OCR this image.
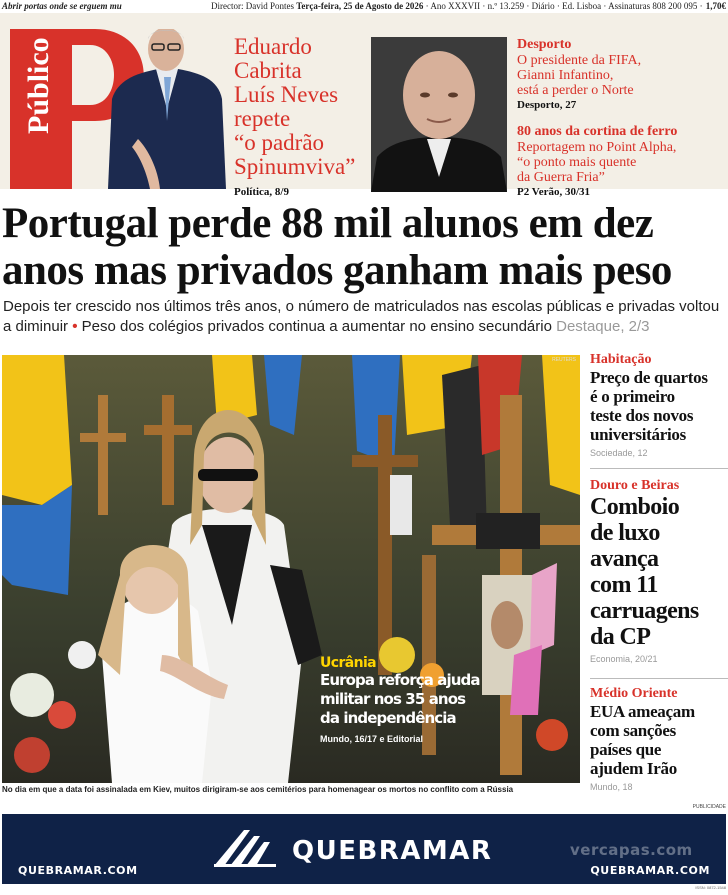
Abrir portas onde se erguem mu	Director: David Pontes Terça-feira, 25 de Agosto de 2026 · Ano XXXVII · n.º 13.259 · Diário · Ed. Lisboa · Assinaturas 808 200 095 · 1,70€
Público	Eduardo
Cabrita
Luís Neves
repete
“o padrão
Spinumviva”
Política, 8/9
Desporto
O presidente da FIFA,
Gianni Infantino,
está a perder o Norte
Desporto, 27
80 anos da cortina de ferro
Reportagem no Point Alpha,
“o ponto mais quente
da Guerra Fria”
P2 Verão, 30/31
Portugal perde 88 mil alunos em dez
anos mas privados ganham mais peso
Depois ter crescido nos últimos três anos, o número de matriculados nas escolas públicas e privadas voltou a diminuir • Peso dos colégios privados continua a aumentar no ensino secundário Destaque, 2/3
REUTERS
Ucrânia
Europa reforça ajuda
militar nos 35 anos
da independência
Mundo, 16/17 e Editorial
No dia em que a data foi assinalada em Kiev, muitos dirigiram-se aos cemitérios para homenagear os mortos no conflito com a Rússia
Habitação
Preço de quartos
é o primeiro
teste dos novos
universitários
Sociedade, 12
Douro e Beiras
Comboio
de luxo
avança
com 11
carruagens
da CP
Economia, 20/21
Médio Oriente
EUA ameaçam
com sanções
países que
ajudem Irão
Mundo, 18
PUBLICIDADE
QUEBRAMAR.COM
QUEBRAMAR	vercapas.com
QUEBRAMAR.COM
ISSN: 0872-1548
